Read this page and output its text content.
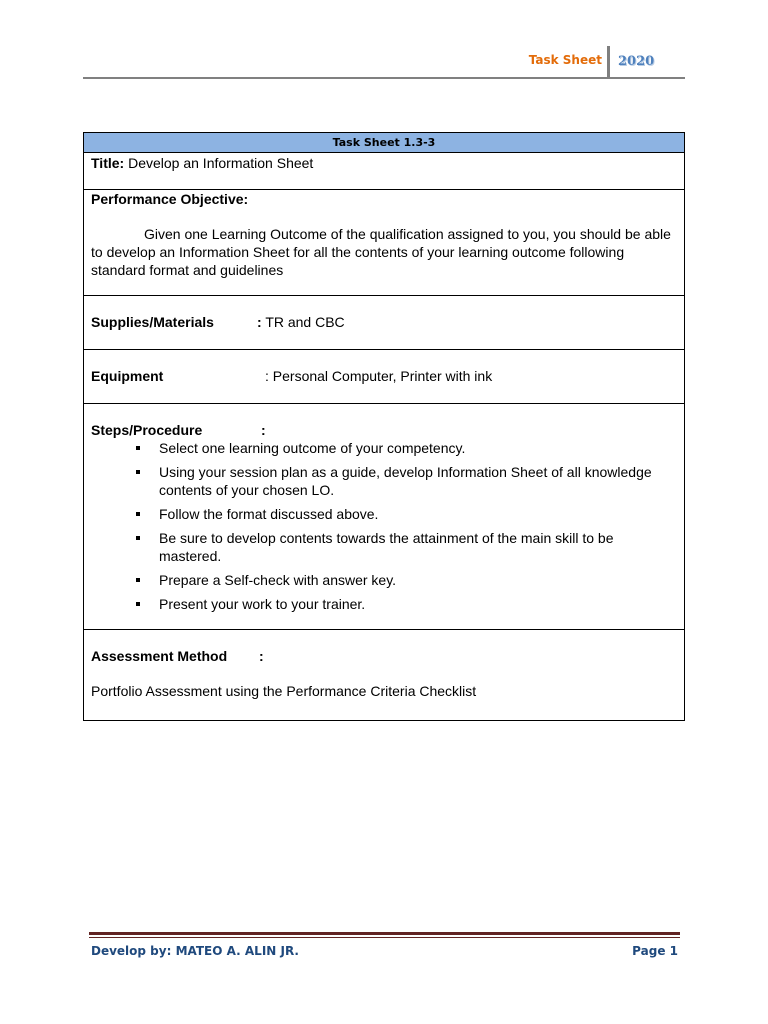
Task Sheet 2020
Task Sheet 1.3-3
Title: Develop an Information Sheet
Performance Objective:
Given one Learning Outcome of the qualification assigned to you, you should be able to develop an Information Sheet for all the contents of your learning outcome following standard format and guidelines
Supplies/Materials	: TR and CBC
Equipment	: Personal Computer, Printer with ink
Steps/Procedure	:
Select one learning outcome of your competency.
Using your session plan as a guide, develop Information Sheet of all knowledge contents of your chosen LO.
Follow the format discussed above.
Be sure to develop contents towards the attainment of the main skill to be mastered.
Prepare a Self-check with answer key.
Present your work to your trainer.
Assessment Method :
Portfolio Assessment using the Performance Criteria Checklist
Develop by: MATEO A. ALIN JR.	Page 1
